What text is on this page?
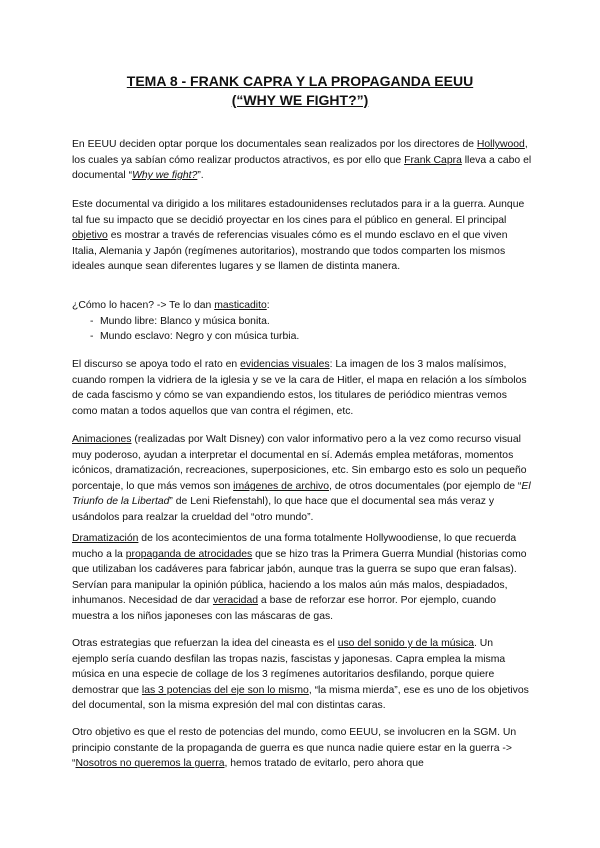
TEMA 8 - FRANK CAPRA Y LA PROPAGANDA EEUU
(“WHY WE FIGHT?”)

En EEUU deciden optar porque los documentales sean realizados por los directores de Hollywood, los cuales ya sabían cómo realizar productos atractivos, es por ello que Frank Capra lleva a cabo el documental “Why we fight?”.

Este documental va dirigido a los militares estadounidenses reclutados para ir a la guerra. Aunque tal fue su impacto que se decidió proyectar en los cines para el público en general. El principal objetivo es mostrar a través de referencias visuales cómo es el mundo esclavo en el que viven Italia, Alemania y Japón (regímenes autoritarios), mostrando que todos comparten los mismos ideales aunque sean diferentes lugares y se llamen de distinta manera.

¿Cómo lo hacen? -> Te lo dan masticadito:
- Mundo libre: Blanco y música bonita.
- Mundo esclavo: Negro y con música turbia.

El discurso se apoya todo el rato en evidencias visuales: La imagen de los 3 malos malísimos, cuando rompen la vidriera de la iglesia y se ve la cara de Hitler, el mapa en relación a los símbolos de cada fascismo y cómo se van expandiendo estos, los titulares de periódico mientras vemos como matan a todos aquellos que van contra el régimen, etc.

Animaciones (realizadas por Walt Disney) con valor informativo pero a la vez como recurso visual muy poderoso, ayudan a interpretar el documental en sí. Además emplea metáforas, momentos icónicos, dramatización, recreaciones, superposiciones, etc. Sin embargo esto es solo un pequeño porcentaje, lo que más vemos son imágenes de archivo, de otros documentales (por ejemplo de “El Triunfo de la Libertad” de Leni Riefenstahl), lo que hace que el documental sea más veraz y usándolos para realzar la crueldad del “otro mundo”.

Dramatización de los acontecimientos de una forma totalmente Hollywoodiense, lo que recuerda mucho a la propaganda de atrocidades que se hizo tras la Primera Guerra Mundial (historias como que utilizaban los cadáveres para fabricar jabón, aunque tras la guerra se supo que eran falsas). Servían para manipular la opinión pública, haciendo a los malos aún más malos, despiadados, inhumanos. Necesidad de dar veracidad a base de reforzar ese horror. Por ejemplo, cuando muestra a los niños japoneses con las máscaras de gas.

Otras estrategias que refuerzan la idea del cineasta es el uso del sonido y de la música. Un ejemplo sería cuando desfilan las tropas nazis, fascistas y japonesas. Capra emplea la misma música en una especie de collage de los 3 regímenes autoritarios desfilando, porque quiere demostrar que las 3 potencias del eje son lo mismo, “la misma mierda”, ese es uno de los objetivos del documental, son la misma expresión del mal con distintas caras.

Otro objetivo es que el resto de potencias del mundo, como EEUU, se involucren en la SGM. Un principio constante de la propaganda de guerra es que nunca nadie quiere estar en la guerra -> “Nosotros no queremos la guerra, hemos tratado de evitarlo, pero ahora que
